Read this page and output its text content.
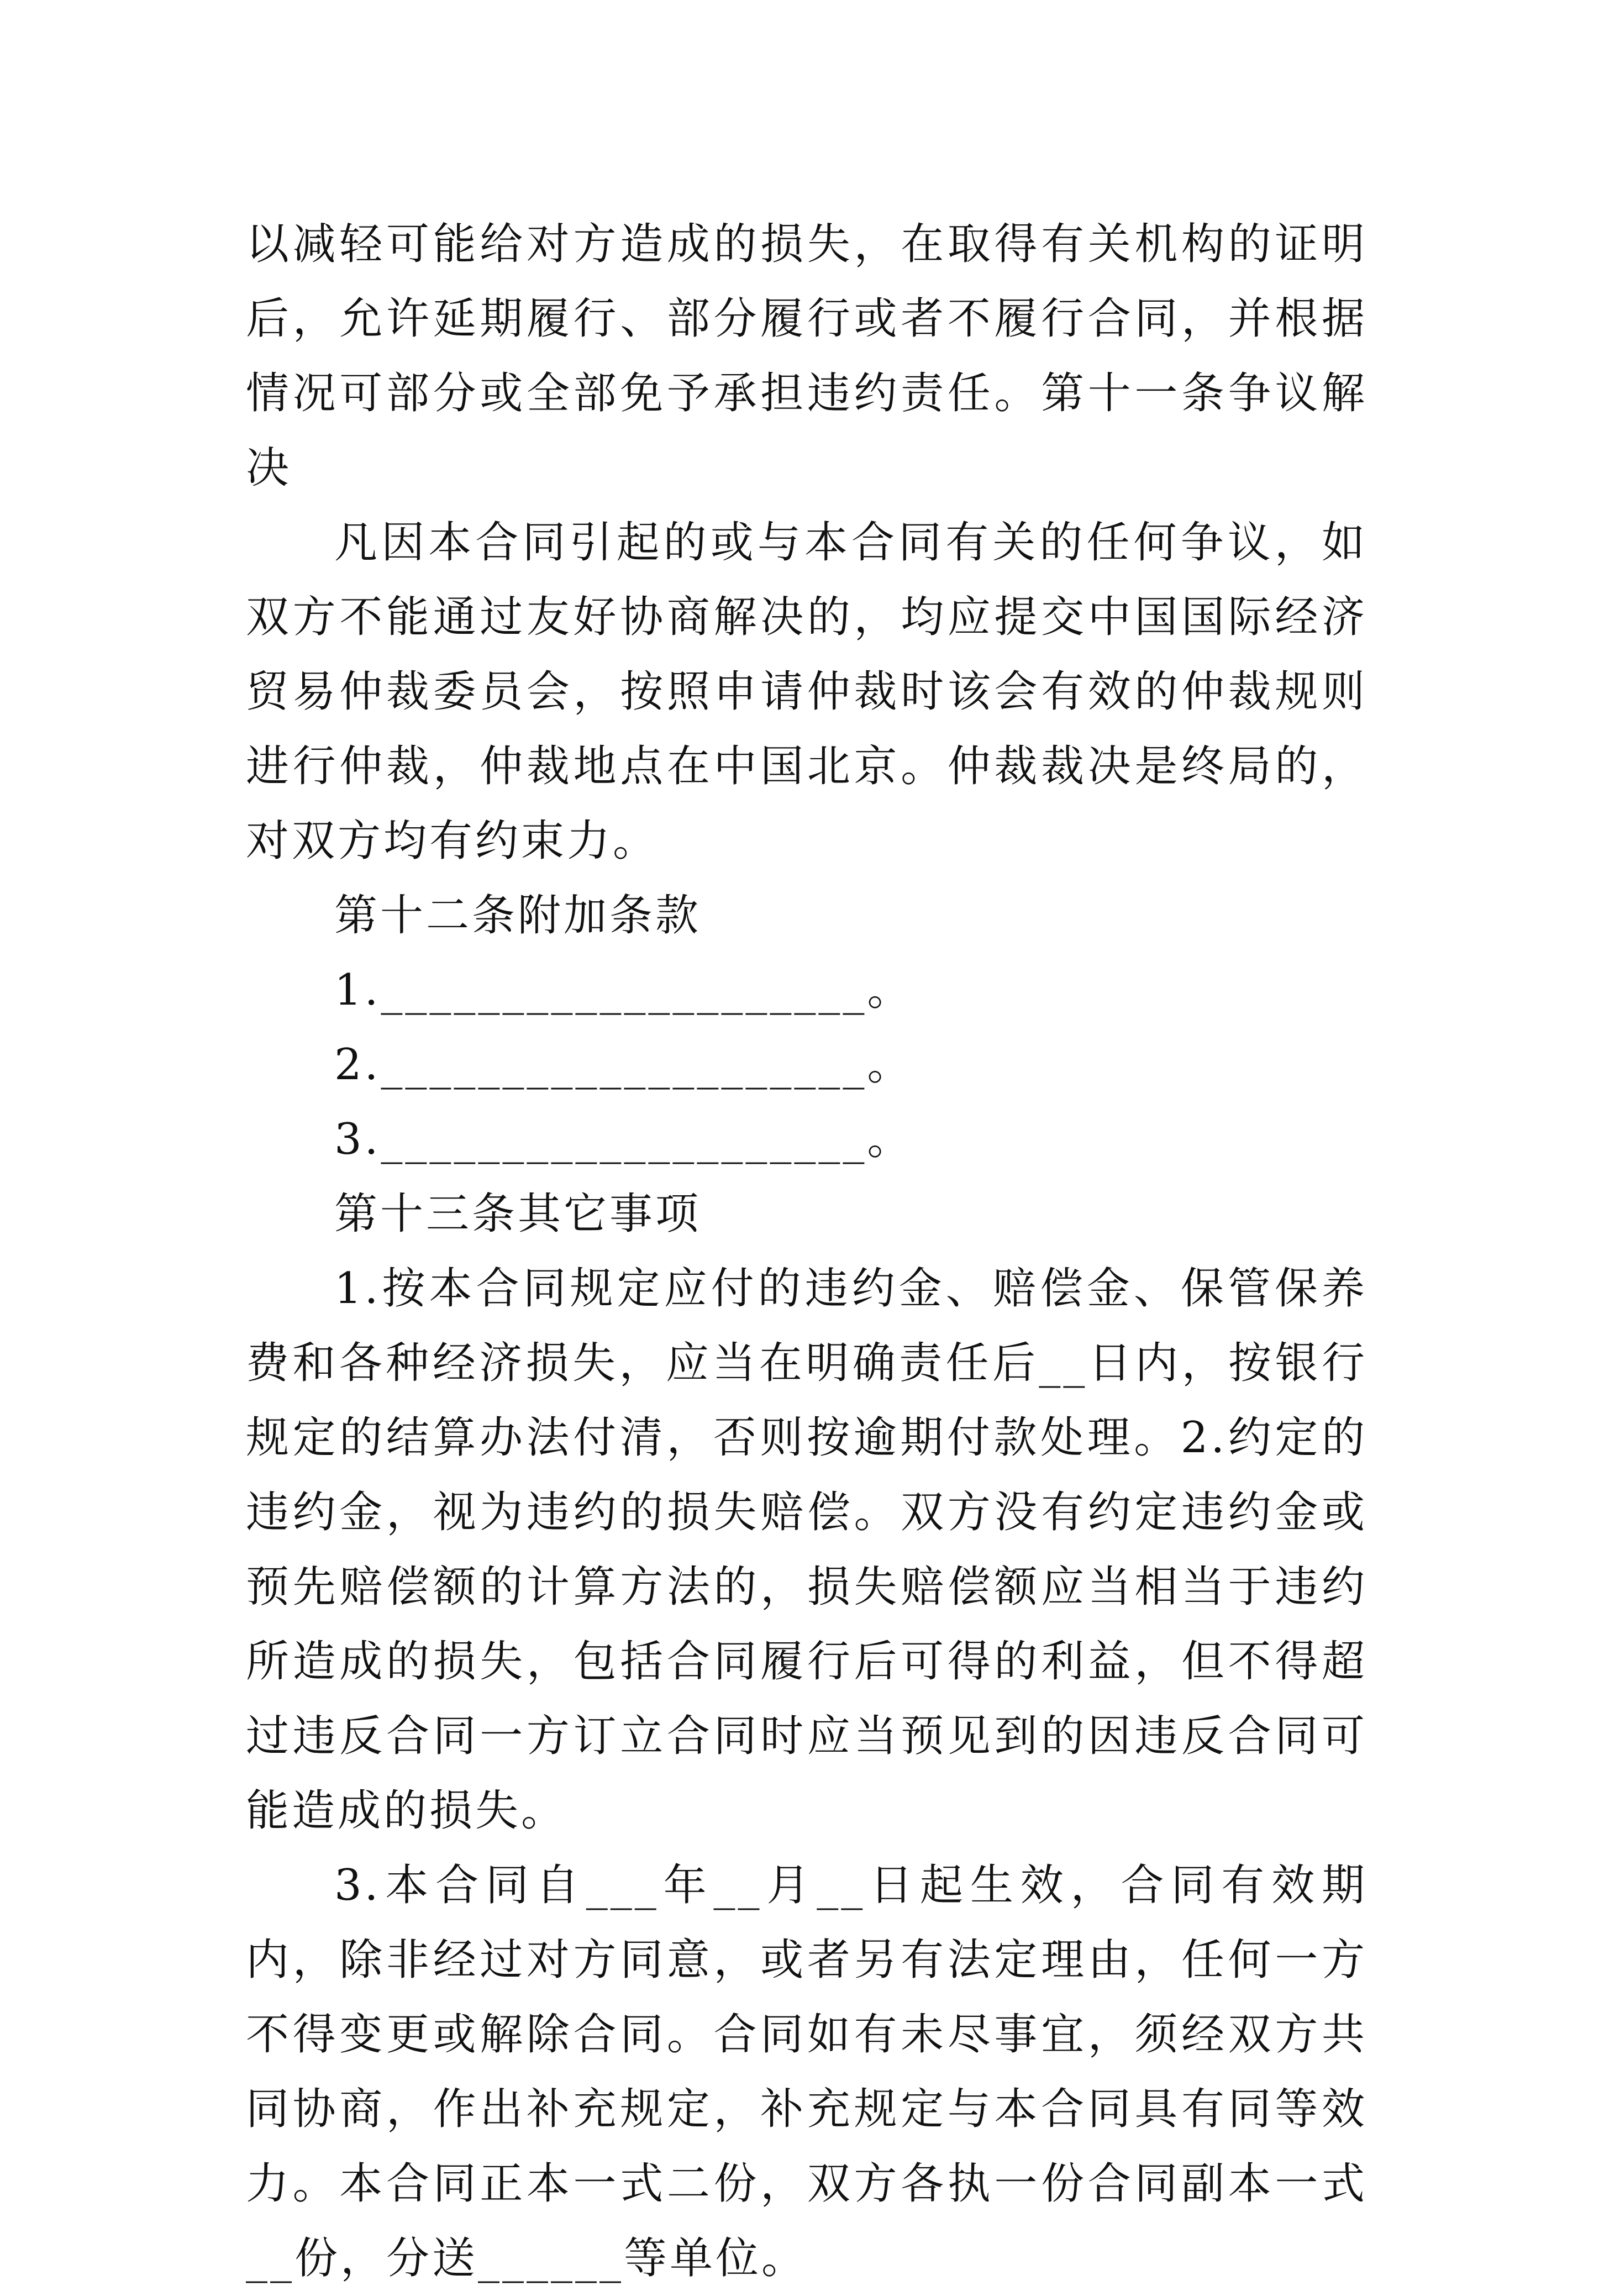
以减轻可能给对方造成的损失，在取得有关机构的证明后，允许延期履行、部分履行或者不履行合同，并根据情况可部分或全部免予承担违约责任。第十一条争议解决

凡因本合同引起的或与本合同有关的任何争议，如双方不能通过友好协商解决的，均应提交中国国际经济贸易仲裁委员会，按照申请仲裁时该会有效的仲裁规则进行仲裁，仲裁地点在中国北京。仲裁裁决是终局的，对双方均有约束力。

第十二条附加条款

1.____________________。

2.____________________。

3.____________________。

第十三条其它事项

1.按本合同规定应付的违约金、赔偿金、保管保养费和各种经济损失，应当在明确责任后__日内，按银行规定的结算办法付清，否则按逾期付款处理。2.约定的违约金，视为违约的损失赔偿。双方没有约定违约金或预先赔偿额的计算方法的，损失赔偿额应当相当于违约所造成的损失，包括合同履行后可得的利益，但不得超过违反合同一方订立合同时应当预见到的因违反合同可能造成的损失。

3.本合同自___年__月__日起生效，合同有效期内，除非经过对方同意，或者另有法定理由，任何一方不得变更或解除合同。合同如有未尽事宜，须经双方共同协商，作出补充规定，补充规定与本合同具有同等效力。本合同正本一式二份，双方各执一份合同副本一式__份，分送______等单位。
